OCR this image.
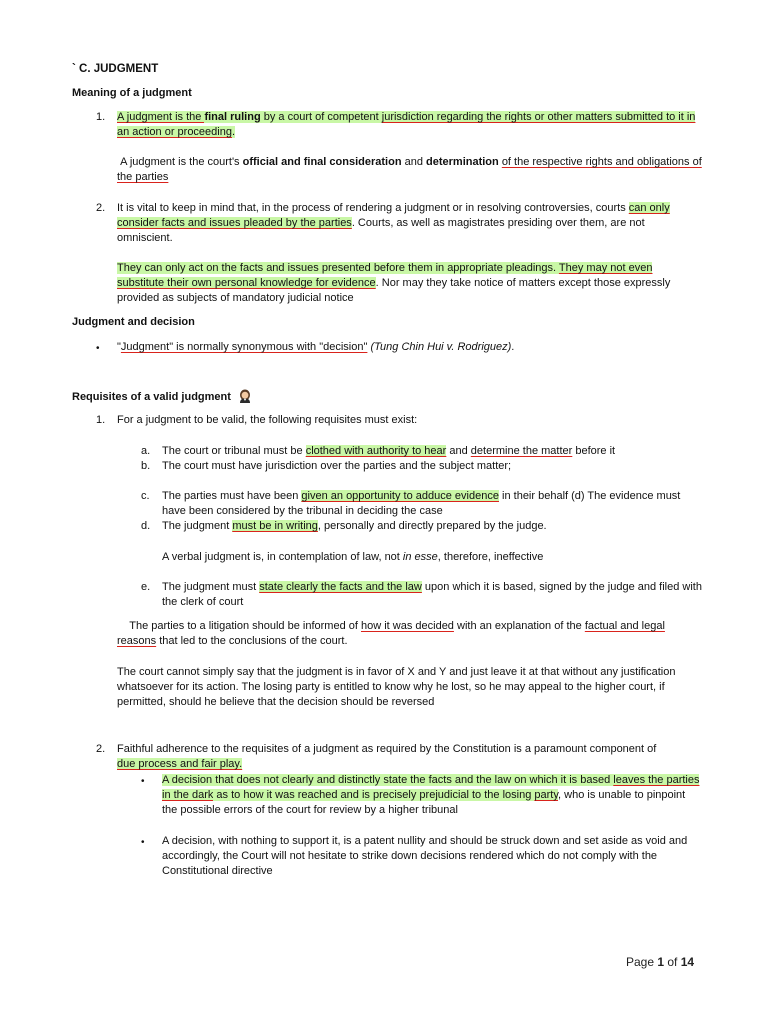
` C. JUDGMENT
Meaning of a judgment
1. A judgment is the final ruling by a court of competent jurisdiction regarding the rights or other matters submitted to it in an action or proceeding.
A judgment is the court's official and final consideration and determination of the respective rights and obligations of the parties
2. It is vital to keep in mind that, in the process of rendering a judgment or in resolving controversies, courts can only consider facts and issues pleaded by the parties. Courts, as well as magistrates presiding over them, are not omniscient.
They can only act on the facts and issues presented before them in appropriate pleadings. They may not even substitute their own personal knowledge for evidence. Nor may they take notice of matters except those expressly provided as subjects of mandatory judicial notice
Judgment and decision
• "Judgment" is normally synonymous with "decision" (Tung Chin Hui v. Rodriguez).
Requisites of a valid judgment
1. For a judgment to be valid, the following requisites must exist:
a. The court or tribunal must be clothed with authority to hear and determine the matter before it
b. The court must have jurisdiction over the parties and the subject matter;
c. The parties must have been given an opportunity to adduce evidence in their behalf (d) The evidence must have been considered by the tribunal in deciding the case
d. The judgment must be in writing, personally and directly prepared by the judge.
A verbal judgment is, in contemplation of law, not in esse, therefore, ineffective
e. The judgment must state clearly the facts and the law upon which it is based, signed by the judge and filed with the clerk of court
The parties to a litigation should be informed of how it was decided with an explanation of the factual and legal reasons that led to the conclusions of the court.
The court cannot simply say that the judgment is in favor of X and Y and just leave it at that without any justification whatsoever for its action. The losing party is entitled to know why he lost, so he may appeal to the higher court, if permitted, should he believe that the decision should be reversed
2. Faithful adherence to the requisites of a judgment as required by the Constitution is a paramount component of due process and fair play.
• A decision that does not clearly and distinctly state the facts and the law on which it is based leaves the parties in the dark as to how it was reached and is precisely prejudicial to the losing party, who is unable to pinpoint the possible errors of the court for review by a higher tribunal
• A decision, with nothing to support it, is a patent nullity and should be struck down and set aside as void and accordingly, the Court will not hesitate to strike down decisions rendered which do not comply with the Constitutional directive
Page 1 of 14
